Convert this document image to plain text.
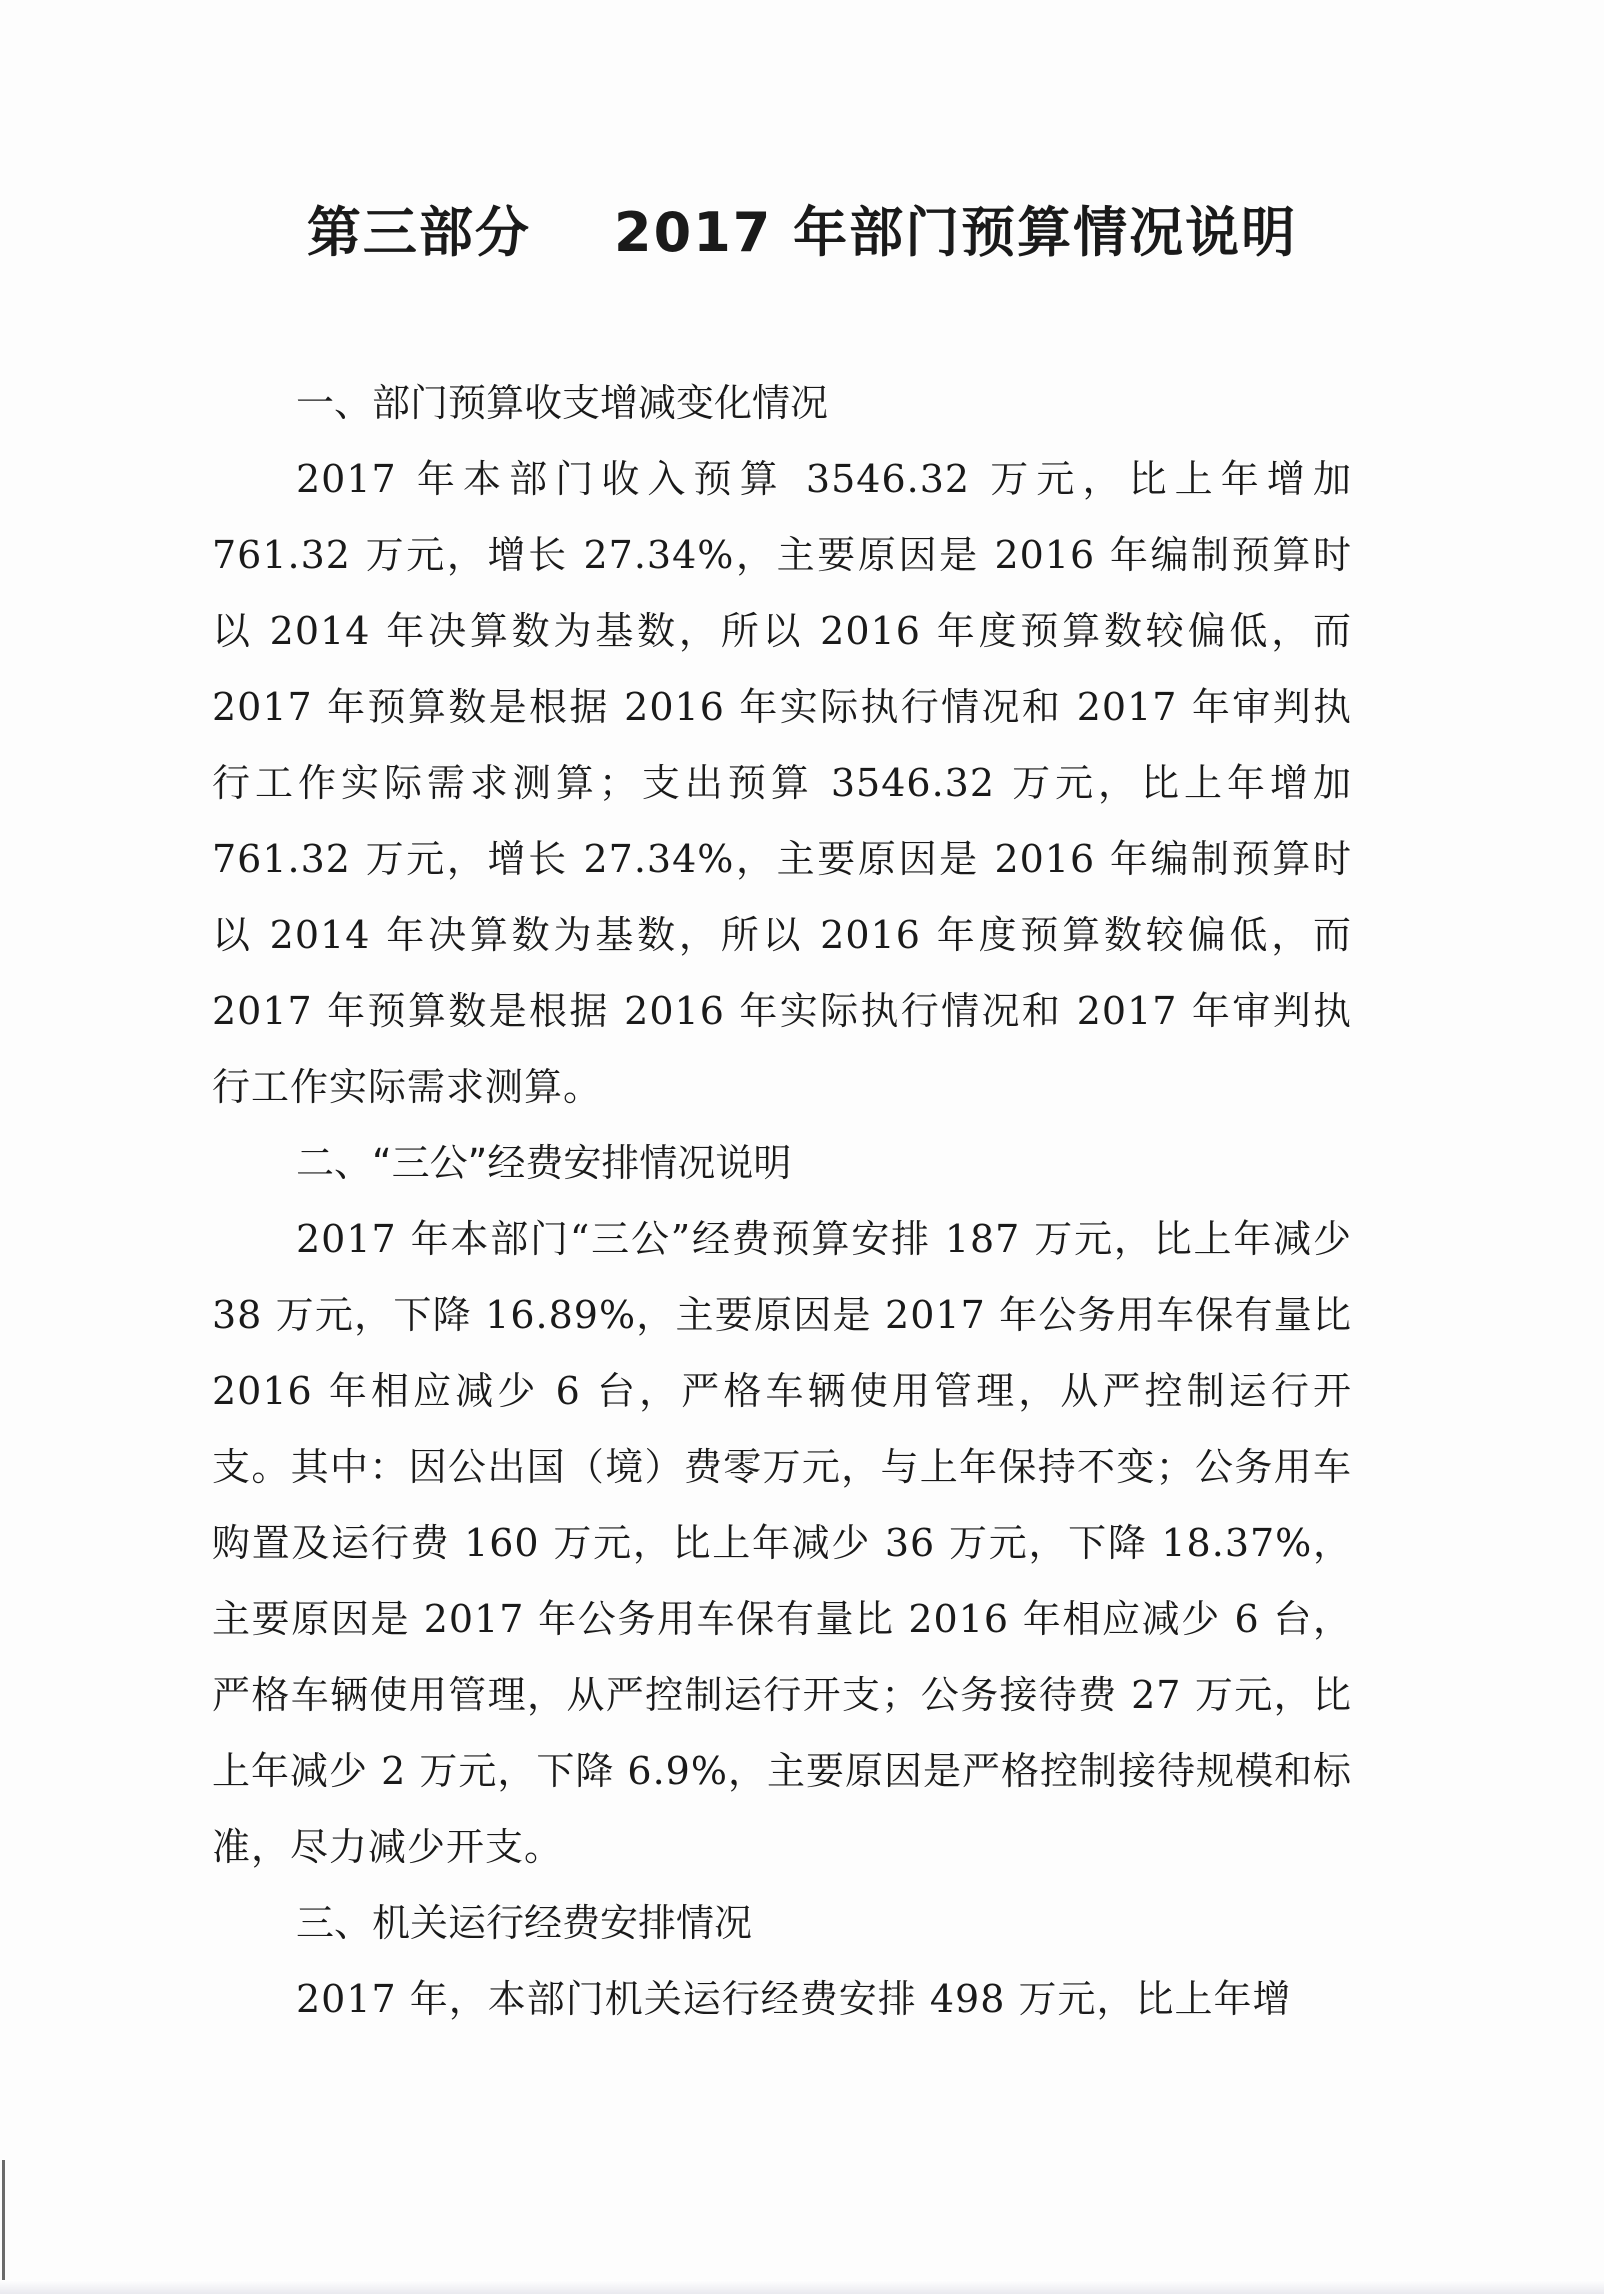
第三部分    2017 年部门预算情况说明
一、部门预算收支增减变化情况

2017 年本部门收入预算 3546.32 万元，比上年增加761.32 万元，增长 27.34%，主要原因是 2016 年编制预算时以 2014 年决算数为基数，所以 2016 年度预算数较偏低，而2017 年预算数是根据 2016 年实际执行情况和 2017 年审判执行工作实际需求测算；支出预算 3546.32 万元，比上年增加761.32 万元，增长 27.34%，主要原因是 2016 年编制预算时以 2014 年决算数为基数，所以 2016 年度预算数较偏低，而2017 年预算数是根据 2016 年实际执行情况和 2017 年审判执行工作实际需求测算。

二、“三公”经费安排情况说明

2017 年本部门“三公”经费预算安排 187 万元，比上年减少 38 万元，下降 16.89%，主要原因是 2017 年公务用车保有量比 2016 年相应减少 6 台，严格车辆使用管理，从严控制运行开支。其中：因公出国（境）费零万元，与上年保持不变；公务用车购置及运行费 160 万元，比上年减少 36 万元，下降 18.37%，主要原因是 2017 年公务用车保有量比 2016 年相应减少 6 台，严格车辆使用管理，从严控制运行开支；公务接待费 27 万元，比上年减少 2 万元，下降 6.9%，主要原因是严格控制接待规模和标准，尽力减少开支。

三、机关运行经费安排情况

2017 年，本部门机关运行经费安排 498 万元，比上年增
